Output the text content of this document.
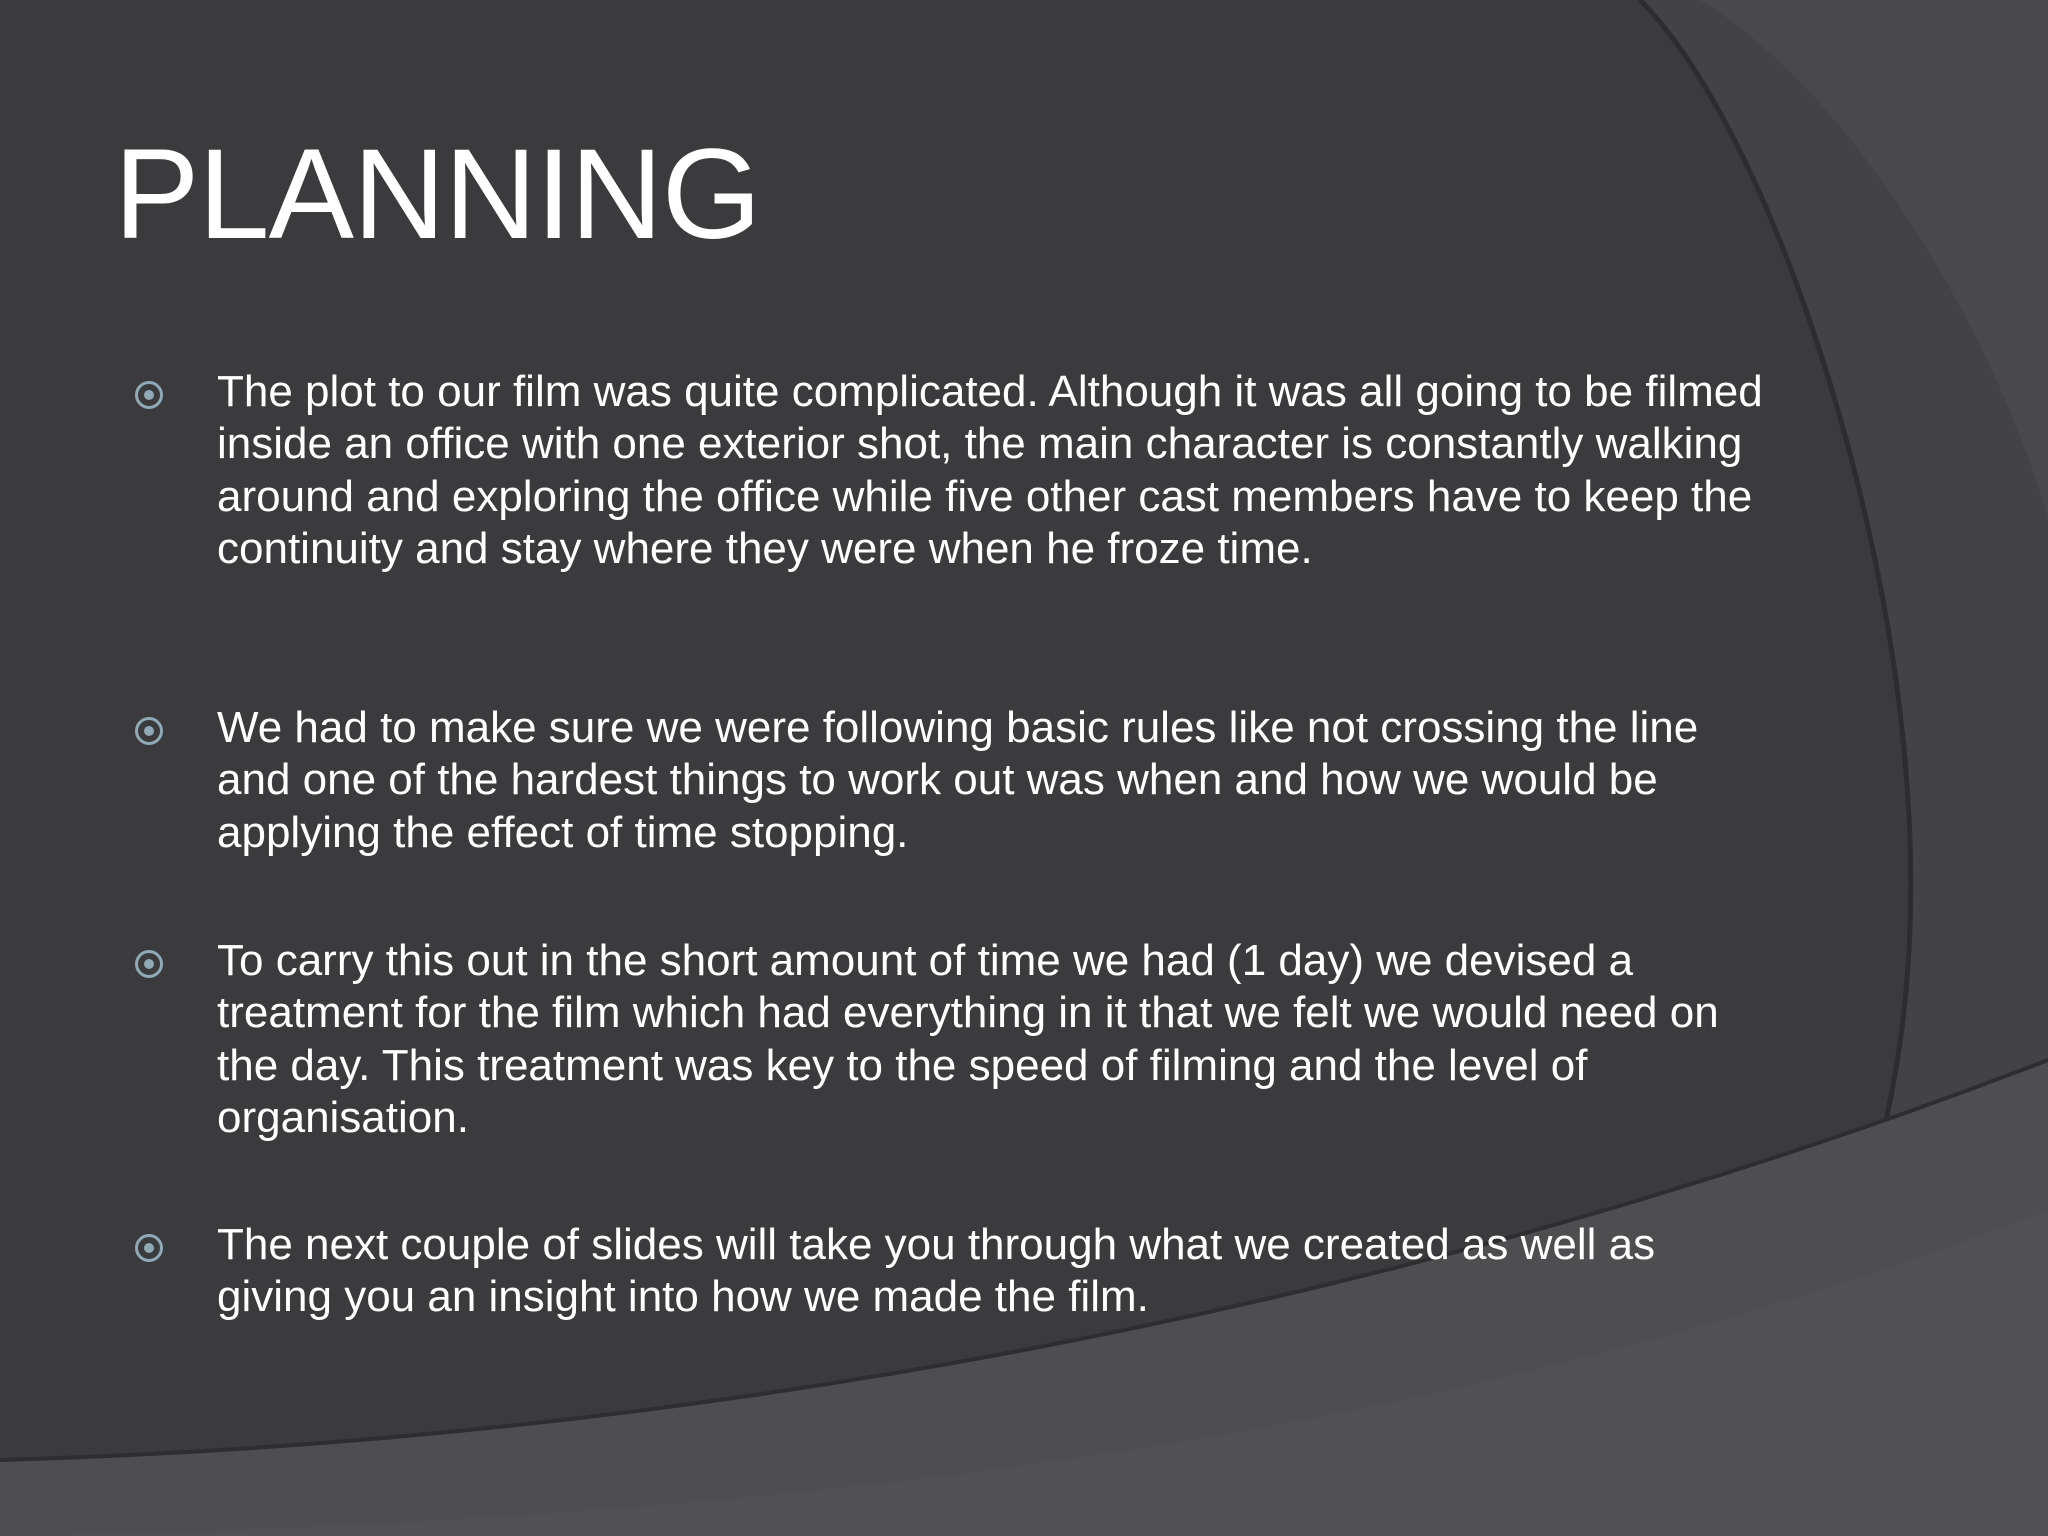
PLANNING

The plot to our film was quite complicated. Although it was all going to be filmed inside an office with one exterior shot, the main character is constantly walking around and exploring the office while five other cast members have to keep the continuity and stay where they were when he froze time.

We had to make sure we were following basic rules like not crossing the line and one of the hardest things to work out was when and how we would be applying the effect of time stopping.

To carry this out in the short amount of time we had (1 day) we devised a treatment for the film which had everything in it that we felt we would need on the day. This treatment was key to the speed of filming and the level of organisation.

The next couple of slides will take you through what we created as well as giving you an insight into how we made the film.
